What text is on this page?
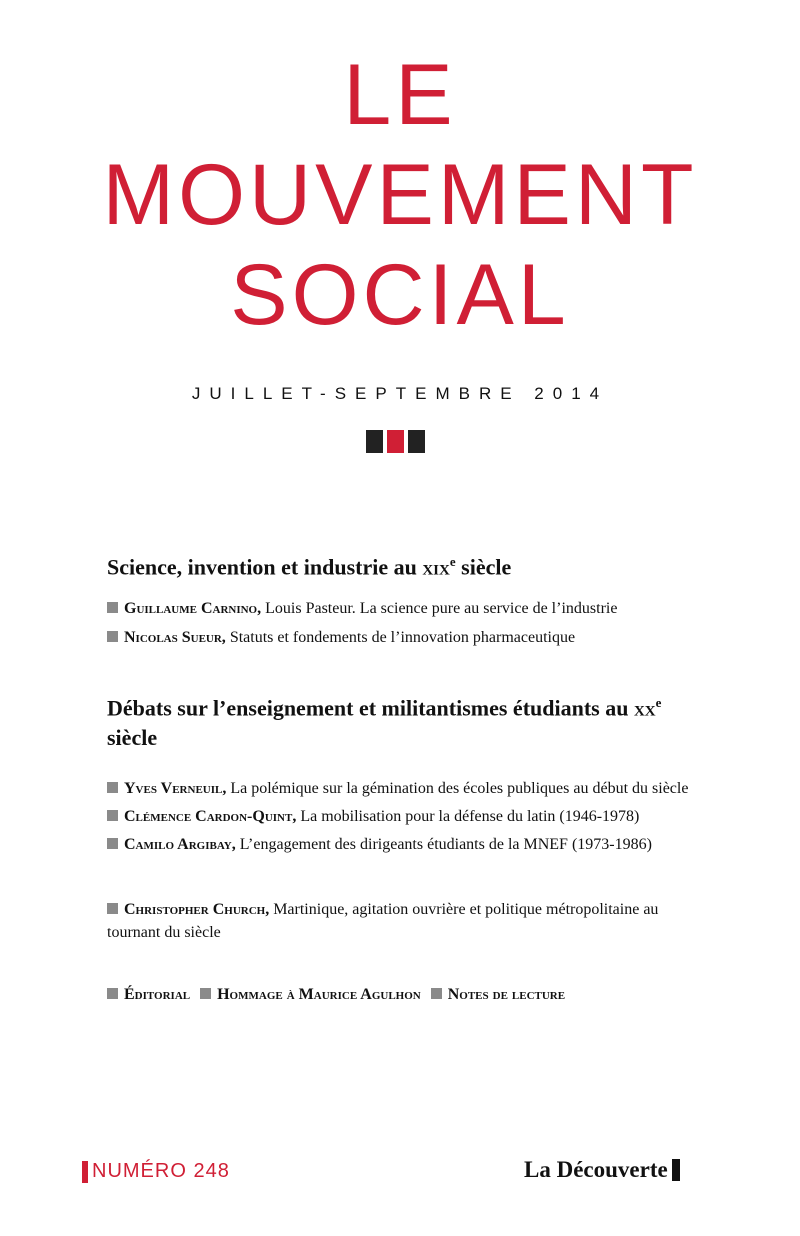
LE
MOUVEMENT
SOCIAL
JUILLET-SEPTEMBRE 2014
Science, invention et industrie au xix$^e$ siècle
Guillaume Carnino, Louis Pasteur. La science pure au service de l’industrie
Nicolas Sueur, Statuts et fondements de l’innovation pharmaceutique
Débats sur l’enseignement et militantismes étudiants au $xx^e$ siècle
Yves Verneuil, La polémique sur la gémination des écoles publiques au début du siècle
Clémence Cardon-Quint, La mobilisation pour la défense du latin (1946-1978)
Camilo Argibay, L’engagement des dirigeants étudiants de la MNEF (1973-1986)
Christopher Church, Martinique, agitation ouvrière et politique métropolitaine au tournant du siècle
Éditorial Hommage à Maurice Agulhon Notes de lecture
NUMÉRO 248	La Découverte
